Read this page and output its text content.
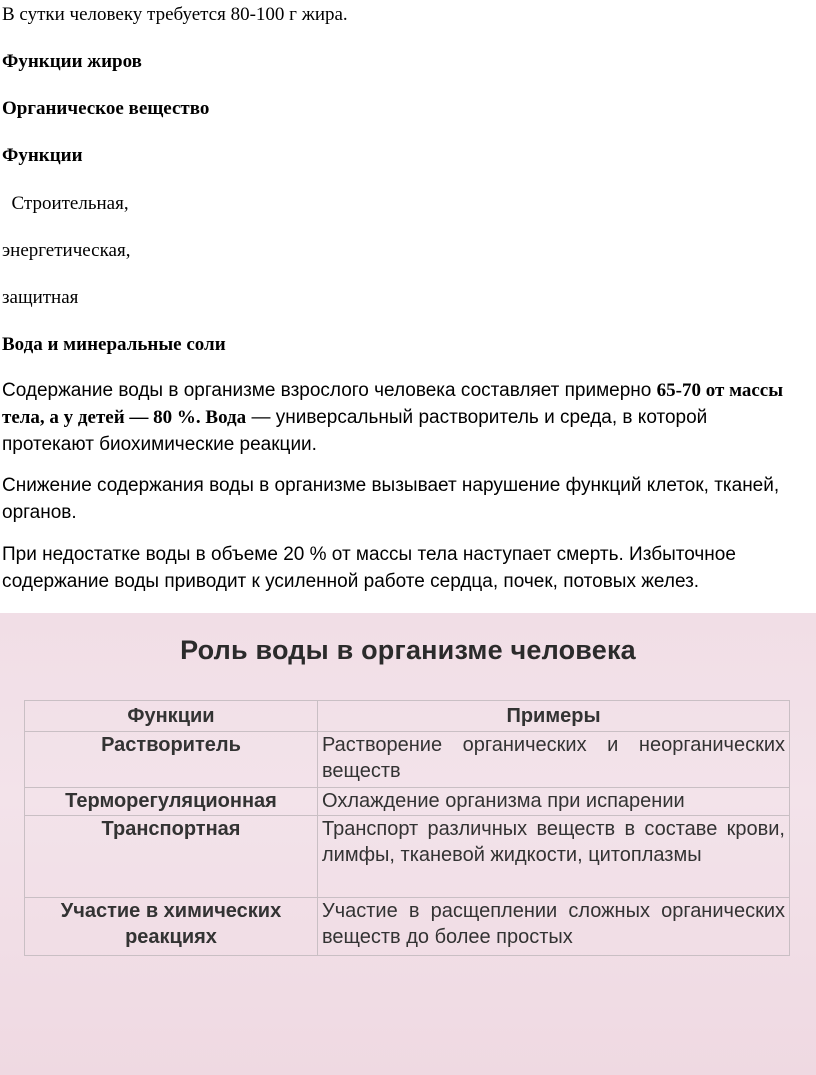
В сутки человеку требуется 80-100 г жира.
Функции жиров
Органическое вещество
Функции
Строительная,
энергетическая,
защитная
Вода и минеральные соли
Содержание воды в организме взрослого человека составляет примерно 65-70 от массы тела, а у детей — 80 %. Вода — универсальный растворитель и среда, в которой протекают биохимические реакции.
Снижение содержания воды в организме вызывает нарушение функций клеток, тканей, органов.
При недостатке воды в объеме 20 % от массы тела наступает смерть. Избыточное содержание воды приводит к усиленной работе сердца, почек, потовых желез.
Роль воды в организме человека
Функции	Примеры
Растворитель	Растворение органических и неорганических веществ
Терморегуляционная	Охлаждение организма при испарении
Транспортная	Транспорт различных веществ в составе крови, лимфы, тканевой жидкости, цитоплазмы
Участие в химических реакциях	Участие в расщеплении сложных органических веществ до более простых
